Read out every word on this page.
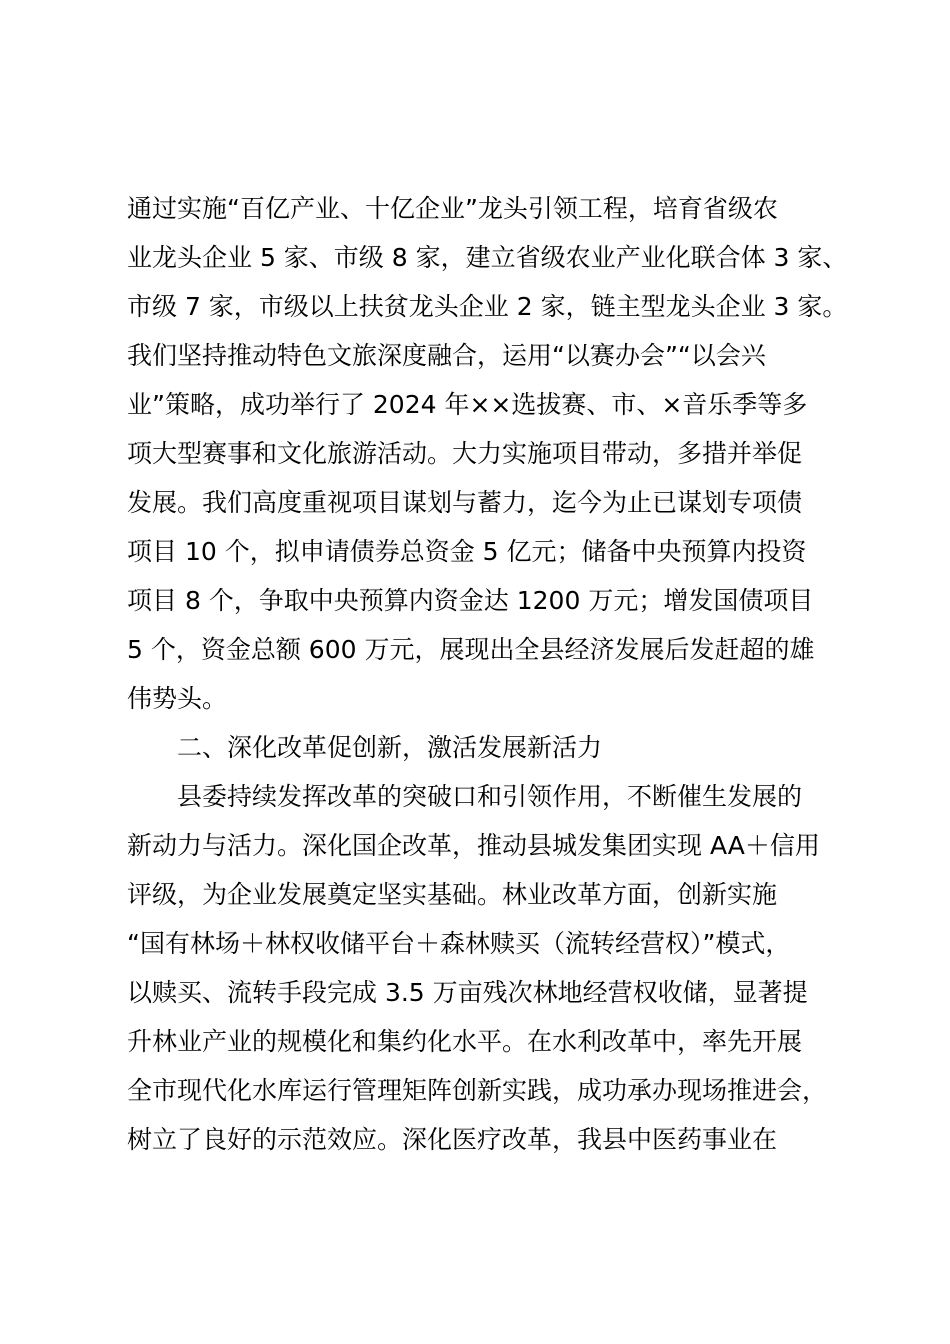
通过实施“百亿产业、十亿企业”龙头引领工程，培育省级农
业龙头企业 5 家、市级 8 家，建立省级农业产业化联合体 3 家、
市级 7 家，市级以上扶贫龙头企业 2 家，链主型龙头企业 3 家。
我们坚持推动特色文旅深度融合，运用“以赛办会”“以会兴
业”策略，成功举行了 2024 年××选拔赛、市、×音乐季等多
项大型赛事和文化旅游活动。大力实施项目带动，多措并举促
发展。我们高度重视项目谋划与蓄力，迄今为止已谋划专项债
项目 10 个，拟申请债券总资金 5 亿元；储备中央预算内投资
项目 8 个，争取中央预算内资金达 1200 万元；增发国债项目
5 个，资金总额 600 万元，展现出全县经济发展后发赶超的雄
伟势头。
二、深化改革促创新，激活发展新活力
县委持续发挥改革的突破口和引领作用，不断催生发展的
新动力与活力。深化国企改革，推动县城发集团实现 AA＋信用
评级，为企业发展奠定坚实基础。林业改革方面，创新实施
“国有林场＋林权收储平台＋森林赎买（流转经营权）”模式，
以赎买、流转手段完成 3.5 万亩残次林地经营权收储，显著提
升林业产业的规模化和集约化水平。在水利改革中，率先开展
全市现代化水库运行管理矩阵创新实践，成功承办现场推进会，
树立了良好的示范效应。深化医疗改革，我县中医药事业在
